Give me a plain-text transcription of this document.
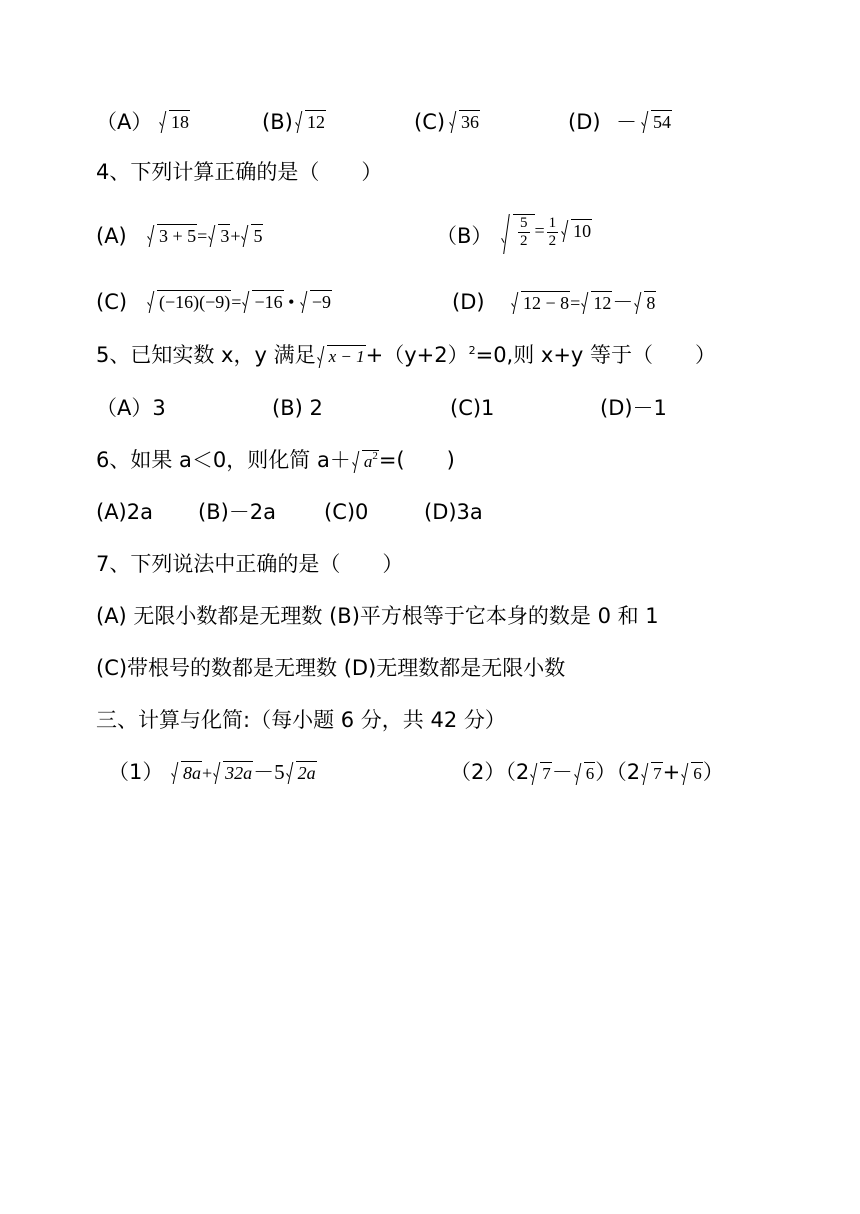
（A）	18	(B) 12	(C) 36	(D) － 54
4、下列计算正确的是（　　）
(A)	3 + 5= 3+ 5	$(B) \frac{5}{2} = \frac{1}{2} 10$
(C)	(−16)(−9)= −16 • −9	(D)	12 − 8= 12－ 8
5、已知实数 x，y 满足 $x - 1+(y+2)^2=0$,则 x+y 等于（　　）
（A）3	(B) 2	(C)1	(D)－1
6、如果 a＜0，则化简 $a+ a^2=$(　　)
(A)2a (B)－2a (C)0	(D)3a
7、下列说法中正确的是（　　）
(A) 无限小数都是无理数 (B)平方根等于它本身的数是 0 和 1
(C)带根号的数都是无理数 (D)无理数都是无限小数
三、计算与化简:（每小题 6 分，共 42 分）
（1）	8a+ 32a－5 2a	（2）（2 7－ 6）（2 7+ 6）
